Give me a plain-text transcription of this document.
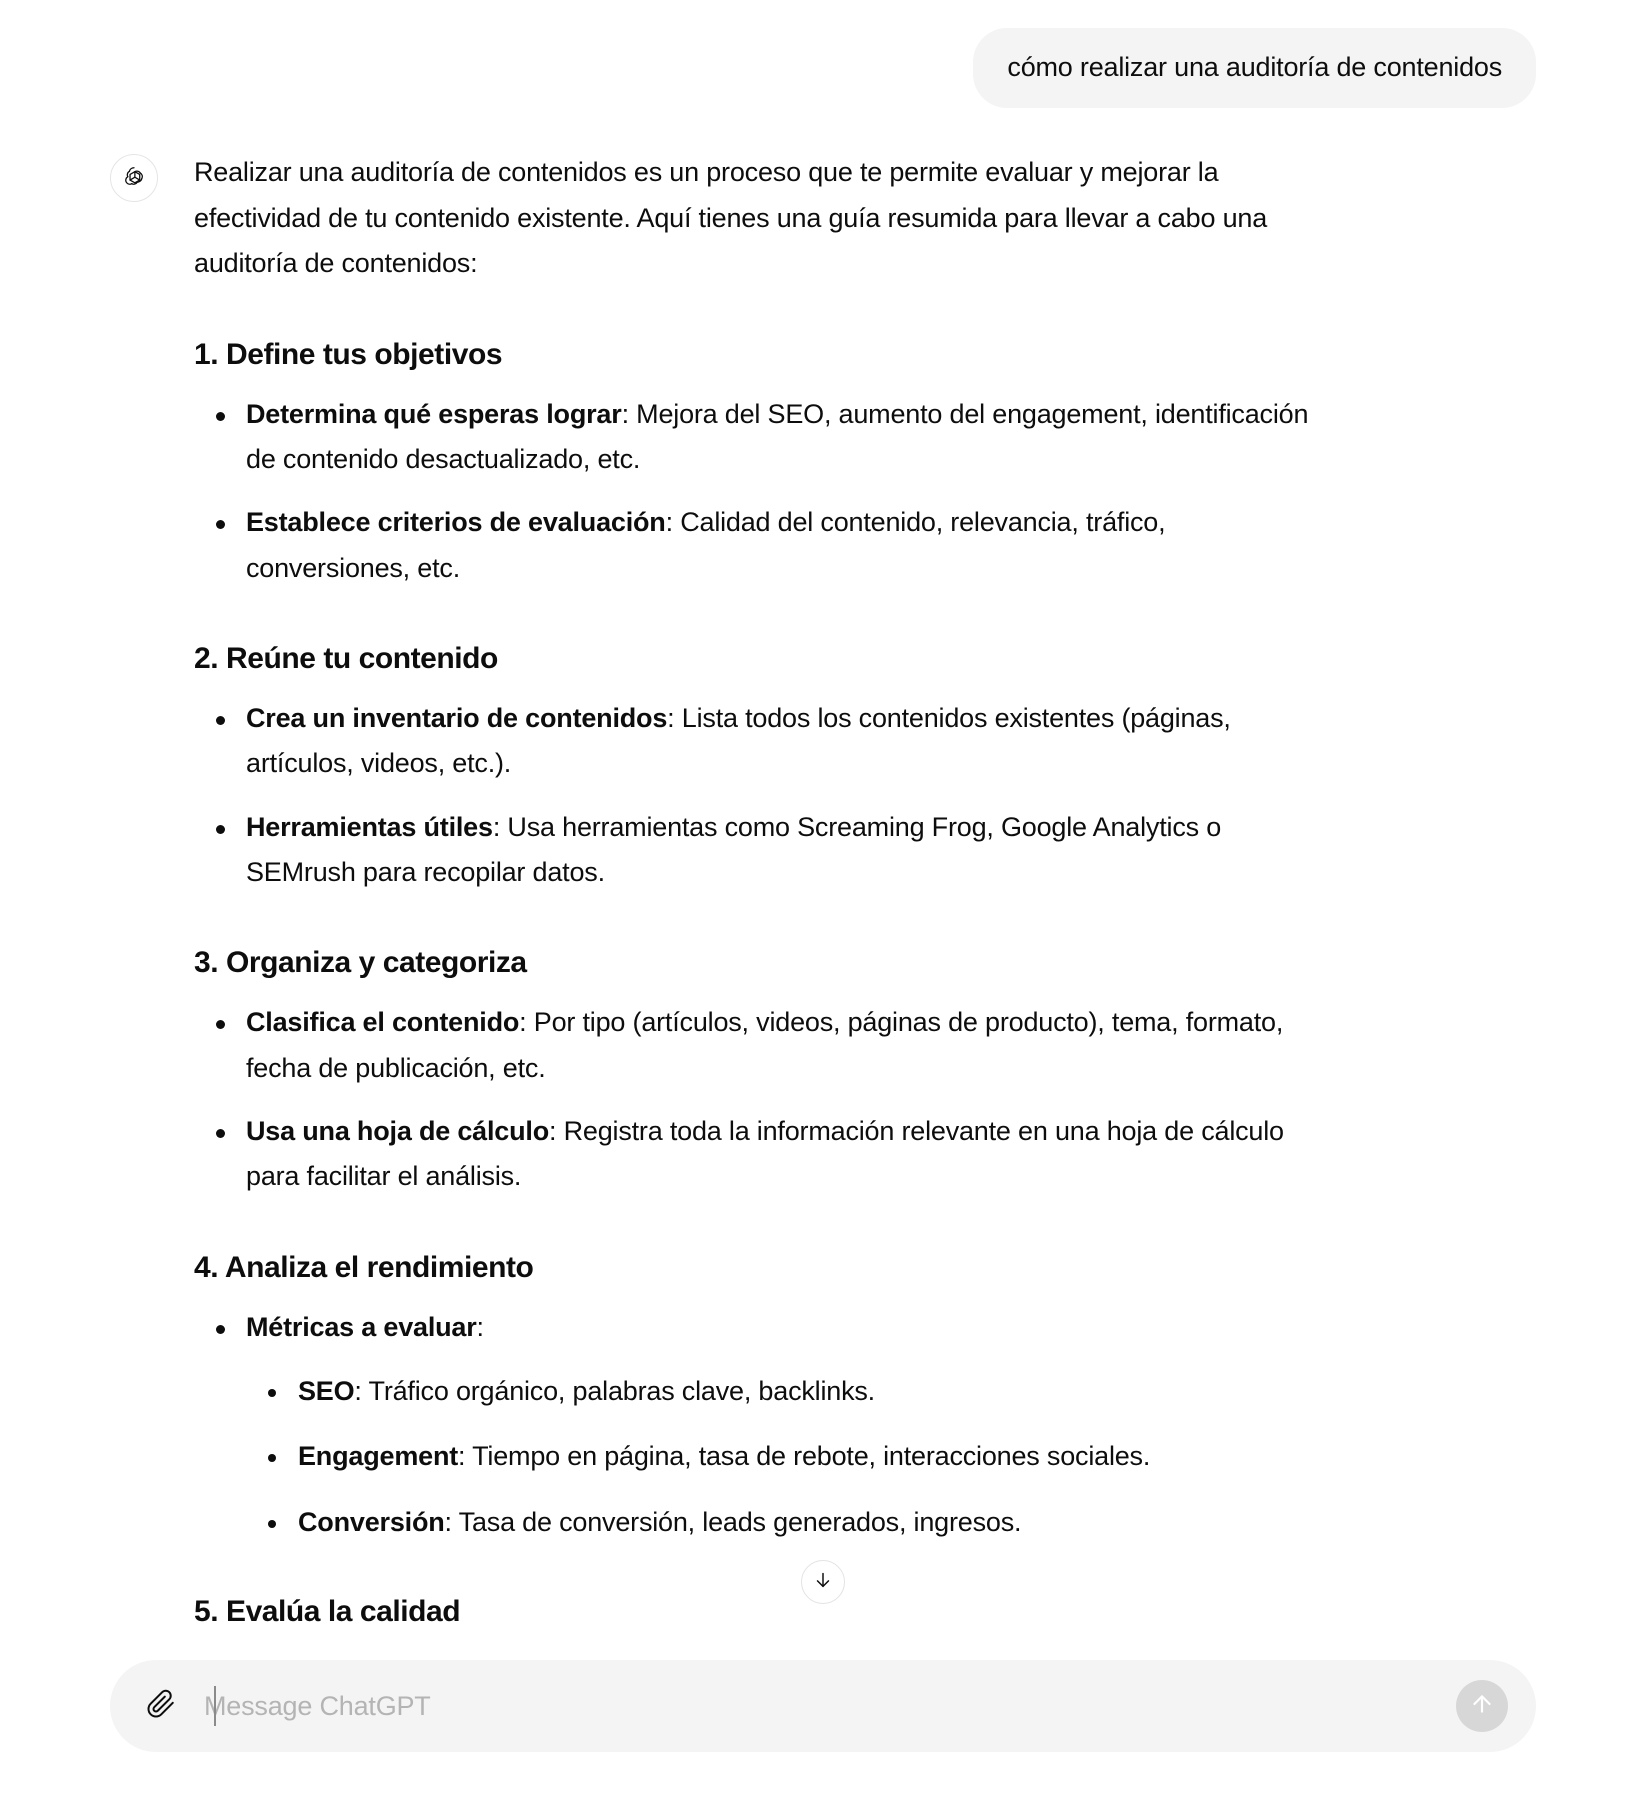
cómo realizar una auditoría de contenidos
Realizar una auditoría de contenidos es un proceso que te permite evaluar y mejorar la efectividad de tu contenido existente. Aquí tienes una guía resumida para llevar a cabo una auditoría de contenidos:
1. Define tus objetivos
Determina qué esperas lograr: Mejora del SEO, aumento del engagement, identificación de contenido desactualizado, etc.
Establece criterios de evaluación: Calidad del contenido, relevancia, tráfico, conversiones, etc.
2. Reúne tu contenido
Crea un inventario de contenidos: Lista todos los contenidos existentes (páginas, artículos, videos, etc.).
Herramientas útiles: Usa herramientas como Screaming Frog, Google Analytics o SEMrush para recopilar datos.
3. Organiza y categoriza
Clasifica el contenido: Por tipo (artículos, videos, páginas de producto), tema, formato, fecha de publicación, etc.
Usa una hoja de cálculo: Registra toda la información relevante en una hoja de cálculo para facilitar el análisis.
4. Analiza el rendimiento
Métricas a evaluar:
SEO: Tráfico orgánico, palabras clave, backlinks.
Engagement: Tiempo en página, tasa de rebote, interacciones sociales.
Conversión: Tasa de conversión, leads generados, ingresos.
5. Evalúa la calidad
Message ChatGPT
